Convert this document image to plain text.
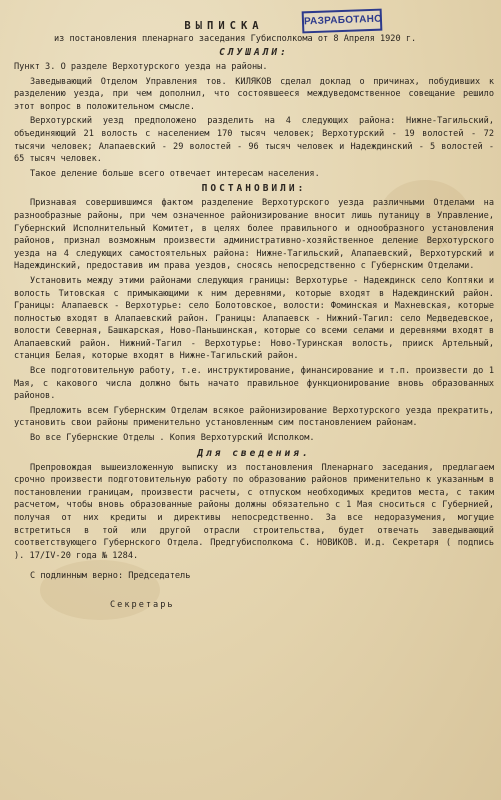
РАЗРАБОТАНО
ВЫПИСКА
из постановления пленарнаго заседания Губисполкома от 8 Апреля 1920 г.
СЛУШАЛИ:

Пункт 3. О разделе Верхотурского уезда на районы.

Заведывающий Отделом Управления тов. КИЛЯКОВ сделал доклад о причинах, побудивших к разделению уезда, при чем дополнил, что состоявшееся междуведомственное совещание решило этот вопрос в положительном смысле.

Верхотурский уезд предположено разделить на 4 следующих района: Нижне-Тагильский, объединяющий 21 волость с населением 170 тысяч человек; Верхотурский - 19 волостей - 72 тысячи человек; Алапаевский - 29 волостей - 96 тысяч человек и Надеждинский - 5 волостей - 65 тысяч человек.

Такое деление больше всего отвечает интересам населения.

ПОСТАНОВИЛИ:

Признавая совершившимся фактом разделение Верхотурского уезда различными Отделами на разнообразные районы, при чем означенное районизирование вносит лишь путаницу в Управление, Губернский Исполнительный Комитет, в целях более правильного и однообразного установления районов, признал возможным произвести административно-хозяйственное деление Верхотурского уезда на 4 следующих самостоятельных района: Нижне-Тагильский, Алапаевский, Верхотурский и Надеждинский, предоставив им права уездов, сносясь непосредственно с Губернским Отделами.

Установить между этими районами следующия границы: Верхотурье - Надеждинск село Коптяки и волость Титовская с примыкающими к ним деревнями, которые входят в Надеждинский район. Границы: Алапаевск - Верхотурье: село Болотовское, волости: Фоминская и Махневская, которые полностью входят в Алапаевский район. Границы: Алапаевск - Нижний-Тагил: село Медведевское, волости Северная, Башкарская, Ново-Паньшинская, которые со всеми селами и деревнями входят в Алапаевский район. Нижний-Тагил - Верхотурье: Ново-Туринская волость, прииск Артельный, станция Белая, которые входят в Нижне-Тагильский район.

Все подготовительную работу, т.е. инструктирование, финансирование и т.п. произвести до 1 Мая, с какового числа должно быть начато правильное функционирование вновь образованных районов.

Предложить всем Губернским Отделам всякое районизирование Верхотурского уезда прекратить, установить свои районы применительно установленным сим постановлением районам.

Во все Губернские Отделы . Копия Верхотурский Исполком.

Для сведения.

Препровождая вышеизложенную выписку из постановления Пленарнаго заседания, предлагаем срочно произвести подготовительную работу по образованию районов применительно к указанным в постановлении границам, произвести расчеты, с отпуском необходимых кредитов места, с таким расчетом, чтобы вновь образованные районы должны обязательно с 1 Мая сноситься с Губернией, получая от них кредиты и директивы непосредственно. За все недоразумения, могущие встретиться в той или другой отрасли строительства, будет отвечать заведывающий соответствующего Губернского Отдела. Предгубисполкома С. НОВИКОВ. И.д. Секретаря ( подпись ). 17/IV-20 года № 1284.

С подлинным верно: Председатель
Секретарь
